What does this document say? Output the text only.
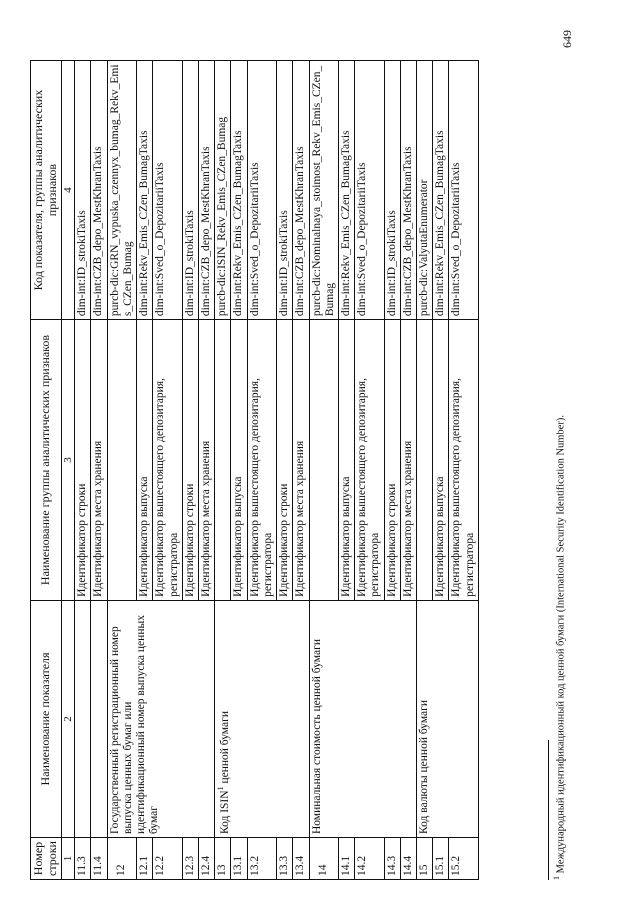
Номер строки	Наименование показателя	Наименование группы аналитических признаков	Код показателя, группы аналитических признаков
1	2	3	4
11.3		Идентификатор строки	dim-int:ID_strokiTaxis
11.4		Идентификатор места хранения	dim-int:CZB_depo_MestKhranTaxis
12	Государственный регистрационный номер выпуска ценных бумаг или идентификационный номер выпуска ценных бумаг		purcb-dic:GRN_vypuska_czennyx_bumag_Rekv_Emis_CZen_Bumag
12.1		Идентификатор выпуска	dim-int:Rekv_Emis_CZen_BumagTaxis
12.2		Идентификатор вышестоящего депозитария, регистратора	dim-int:Sved_o_DepozitariiTaxis
12.3		Идентификатор строки	dim-int:ID_strokiTaxis
12.4		Идентификатор места хранения	dim-int:CZB_depo_MestKhranTaxis
13	Код ISIN$^1$ ценной бумаги		purcb-dic:ISIN_Rekv_Emis_CZen_Bumag
13.1		Идентификатор выпуска	dim-int:Rekv_Emis_CZen_BumagTaxis
13.2		Идентификатор вышестоящего депозитария, регистратора	dim-int:Sved_o_DepozitariiTaxis
13.3		Идентификатор строки	dim-int:ID_strokiTaxis
13.4		Идентификатор места хранения	dim-int:CZB_depo_MestKhranTaxis
14	Номинальная стоимость ценной бумаги		purcb-dic:Nominalnaya_stoimost_Rekv_Emis_CZen_Bumag
14.1		Идентификатор выпуска	dim-int:Rekv_Emis_CZen_BumagTaxis
14.2		Идентификатор вышестоящего депозитария, регистратора	dim-int:Sved_o_DepozitariiTaxis
14.3		Идентификатор строки	dim-int:ID_strokiTaxis
14.4		Идентификатор места хранения	dim-int:CZB_depo_MestKhranTaxis
15	Код валюты ценной бумаги		purcb-dic:ValyutaEnumerator
15.1		Идентификатор выпуска	dim-int:Rekv_Emis_CZen_BumagTaxis
15.2		Идентификатор вышестоящего депозитария, регистратора	dim-int:Sved_o_DepozitariiTaxis
$^1$ Международный идентификационный код ценной бумаги (International Security Identification Number).
649
